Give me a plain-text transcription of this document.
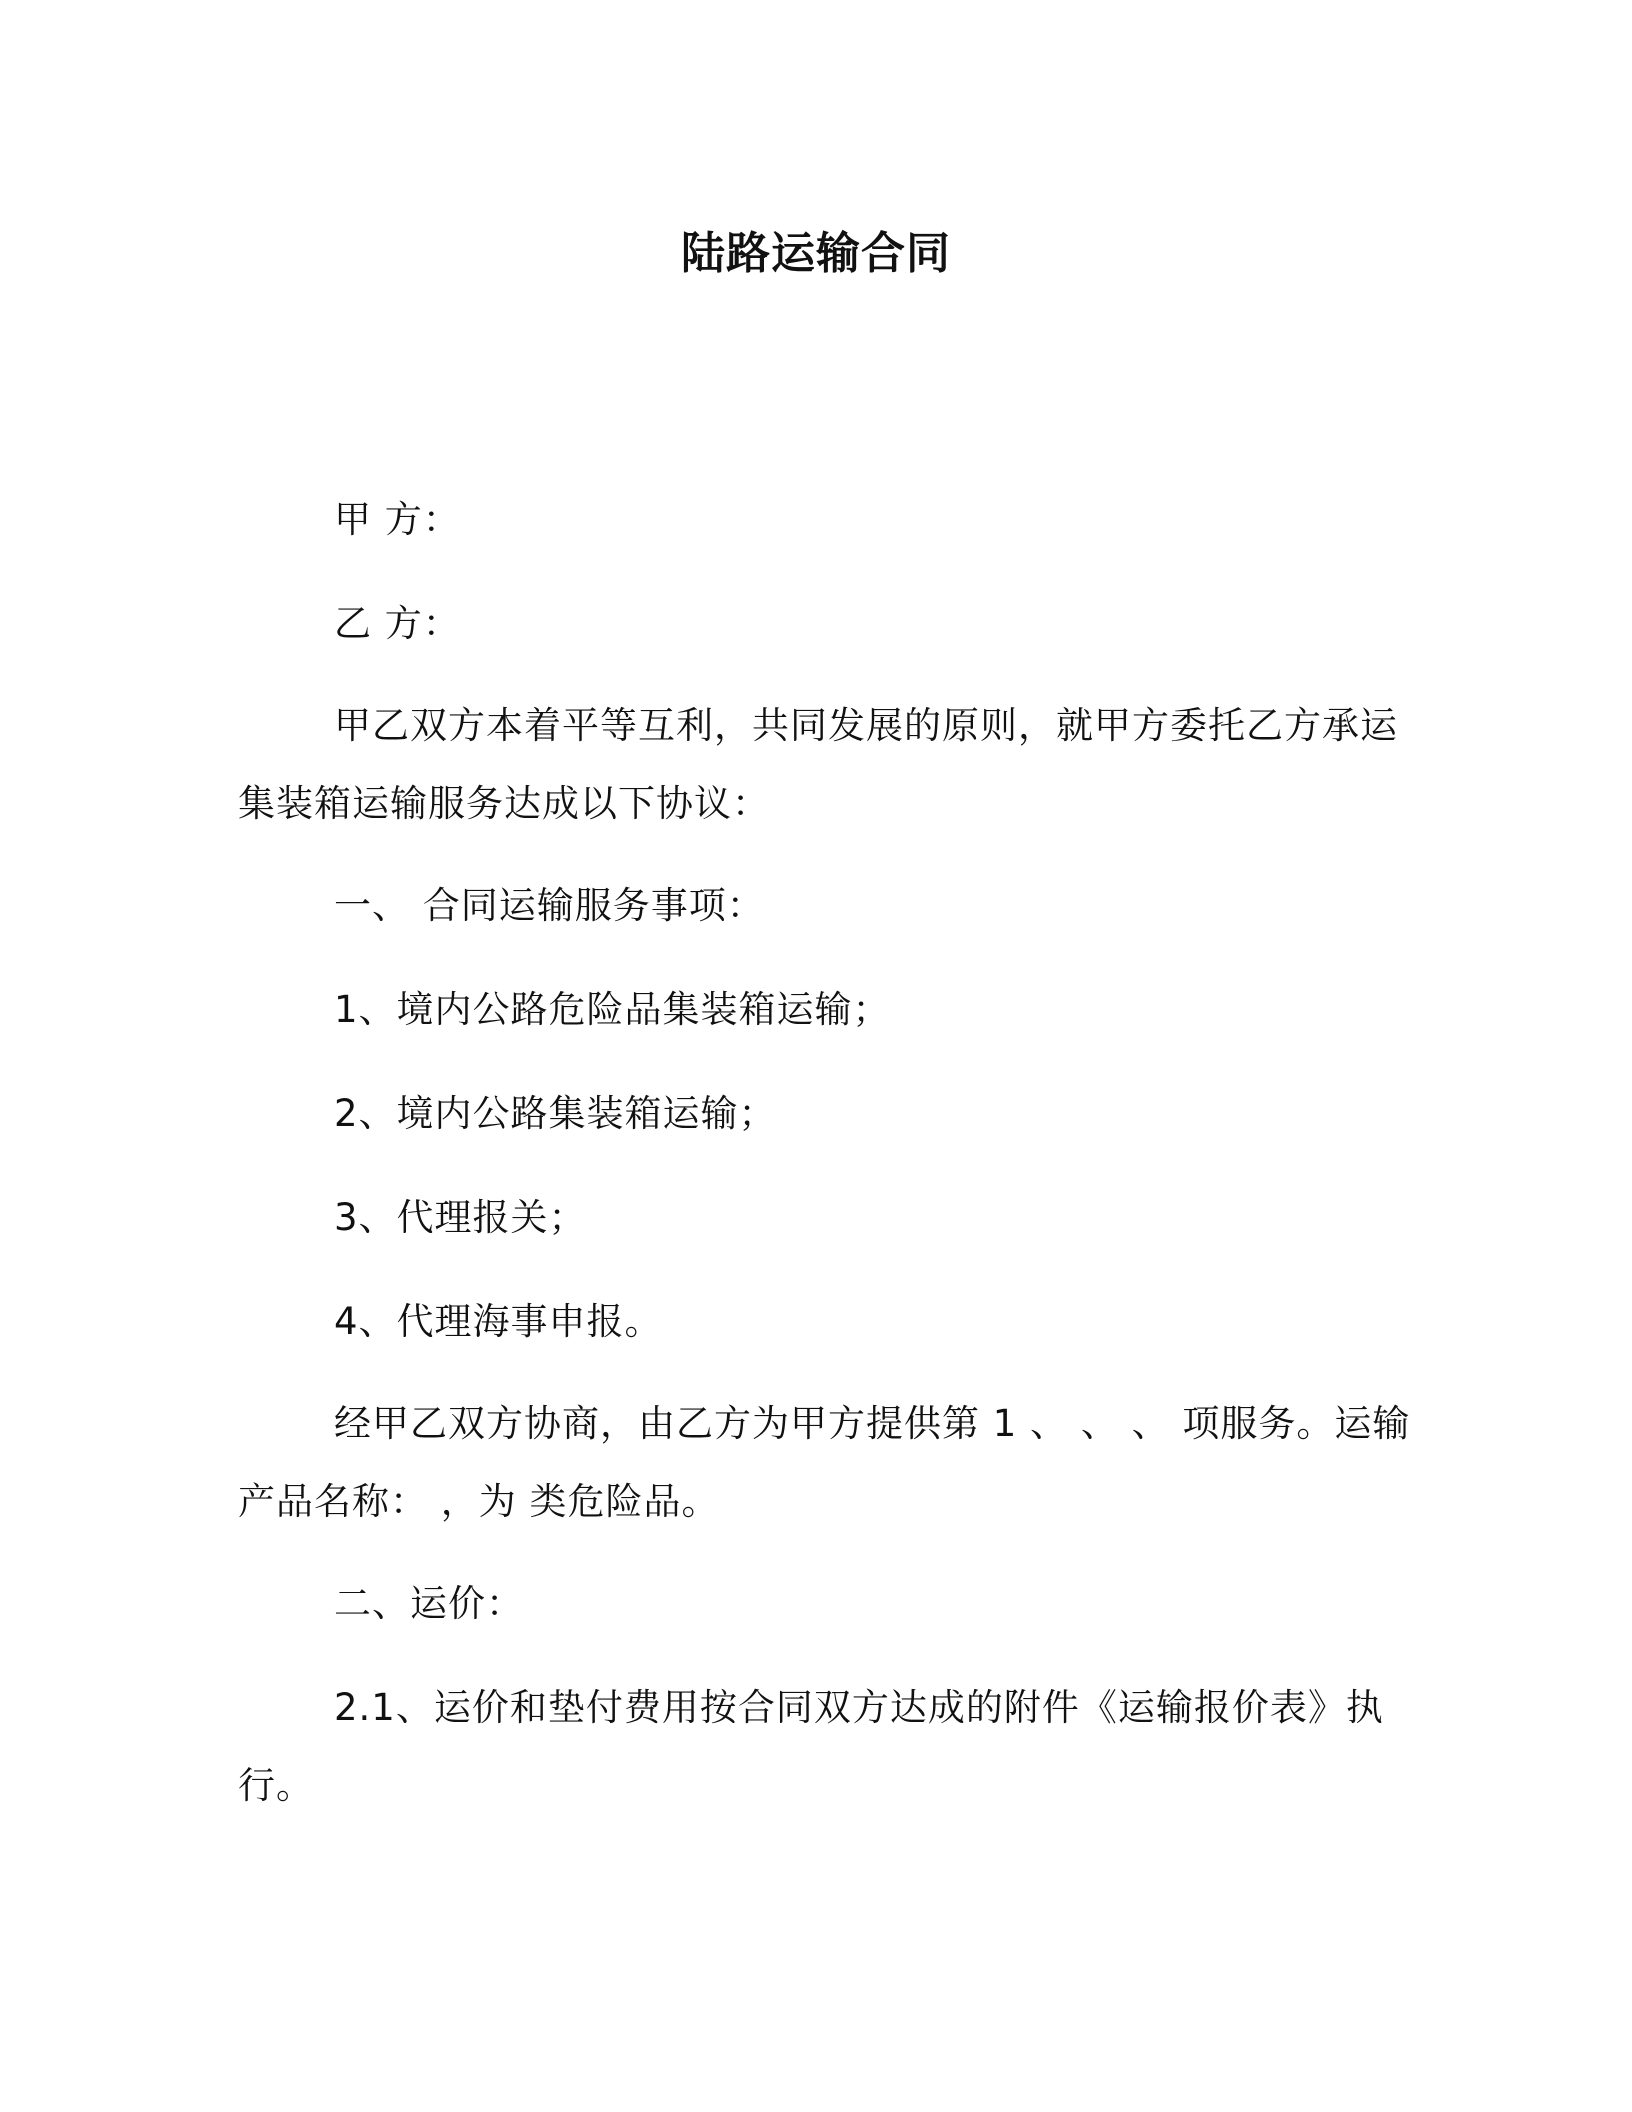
陆路运输合同
甲 方：
乙 方：
甲乙双方本着平等互利，共同发展的原则，就甲方委托乙方承运
集装箱运输服务达成以下协议：
一、 合同运输服务事项：
1、境内公路危险品集装箱运输；
2、境内公路集装箱运输；
3、代理报关；
4、代理海事申报。
经甲乙双方协商，由乙方为甲方提供第 1 、 、 、 项服务。运输
产品名称： ，为 类危险品。
二、运价：
2.1、运价和垫付费用按合同双方达成的附件《运输报价表》执
行。
